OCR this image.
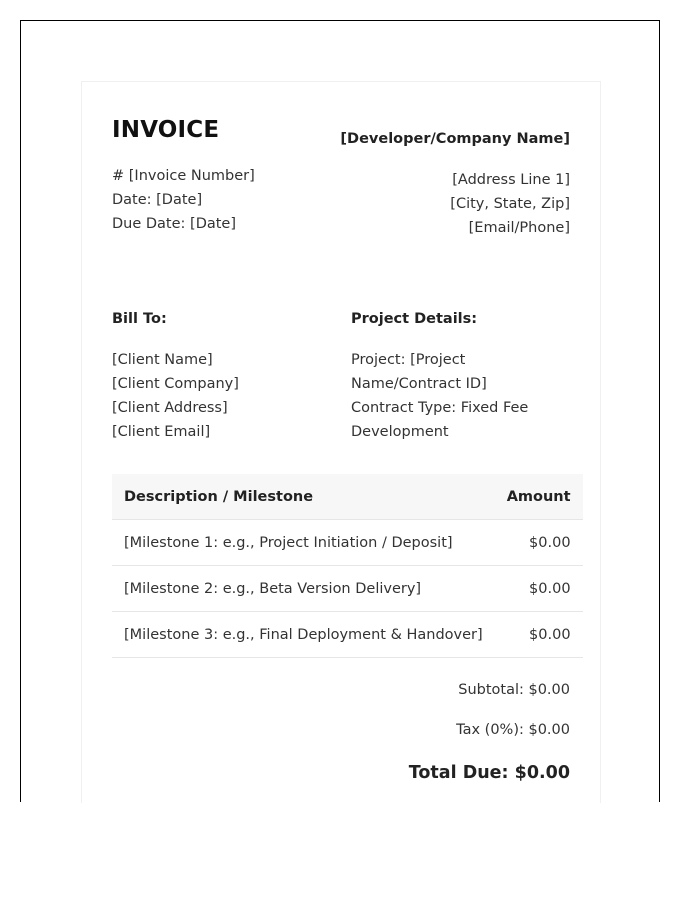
INVOICE	[Developer/Company Name]
# [Invoice Number]
Date: [Date]
Due Date: [Date]
[Address Line 1]
[City, State, Zip]
[Email/Phone]
Bill To:	Project Details:
[Client Name]
[Client Company]
[Client Address]
[Client Email]
Project: [Project Name/Contract ID]
Contract Type: Fixed Fee Development
Description / Milestone	Amount
[Milestone 1: e.g., Project Initiation / Deposit]	$0.00
[Milestone 2: e.g., Beta Version Delivery]	$0.00
[Milestone 3: e.g., Final Deployment & Handover]	$0.00
Subtotal: $0.00
Tax (0%): $0.00
Total Due: $0.00
